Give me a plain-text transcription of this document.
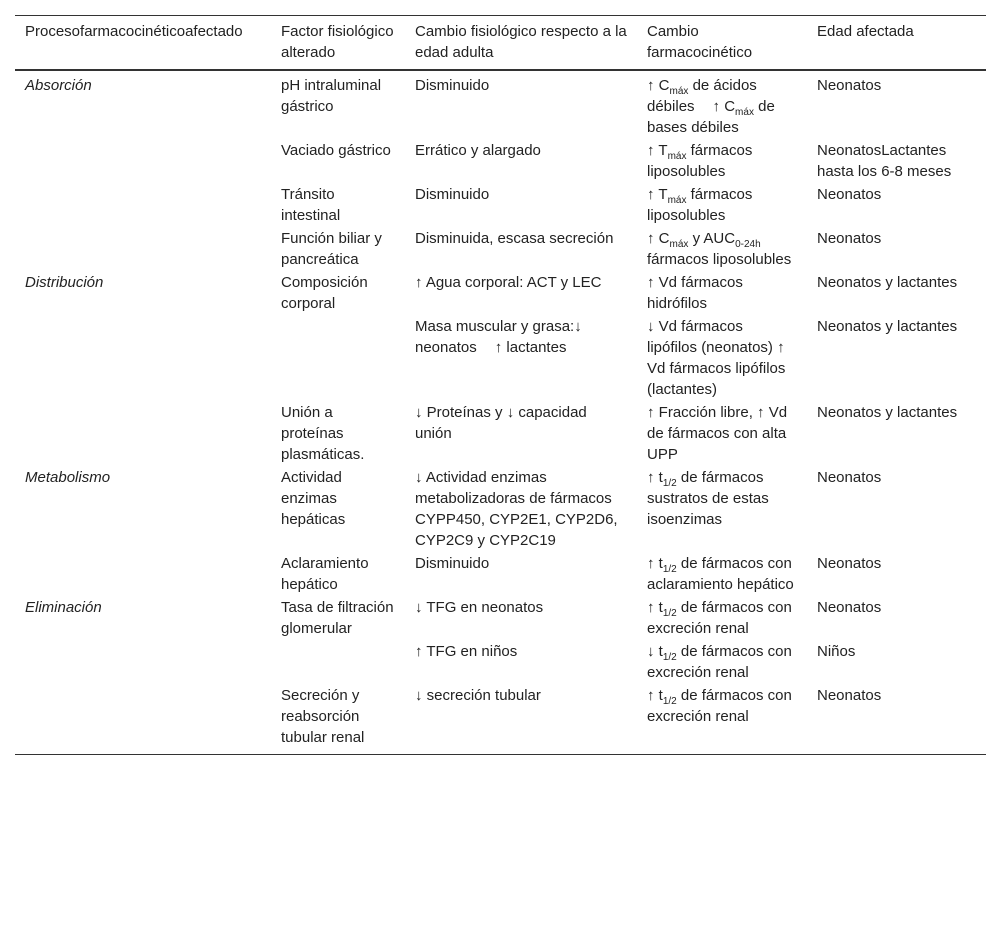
Procesofarmacocinéticoafectado	Factor fisiológico alterado	Cambio fisiológico respecto a la edad adulta	Cambio farmacocinético	Edad afectada
Absorción	pH intraluminal gástrico	Disminuido	↑ $C_{máx}$ de ácidos débiles ↑ $C_{máx}$ de bases débiles	Neonatos
	Vaciado gástrico	Errático y alargado	↑ $T_{máx}$ fármacos liposolubles	NeonatosLactantes hasta los 6-8 meses
	Tránsito intestinal	Disminuido	↑ $T_{máx}$ fármacos liposolubles	Neonatos
	Función biliar y pancreática	Disminuida, escasa secreción	↑ $C_{máx}$ y $AUC_{0-24h}$ fármacos liposolubles	Neonatos
Distribución	Composición corporal	↑ Agua corporal: ACT y LEC	↑ Vd fármacos hidrófilos	Neonatos y lactantes
		Masa muscular y grasa:↓ neonatos ↑ lactantes	↓ Vd fármacos lipófilos (neonatos) ↑ Vd fármacos lipófilos (lactantes)	Neonatos y lactantes
	Unión a proteínas plasmáticas.	↓ Proteínas y ↓ capacidad unión	↑ Fracción libre, ↑ Vd de fármacos con alta UPP	Neonatos y lactantes
Metabolismo	Actividad enzimas hepáticas	↓ Actividad enzimas metabolizadoras de fármacos CYPP450, CYP2E1, CYP2D6, CYP2C9 y CYP2C19	↑ $t_{1/2}$ de fármacos sustratos de estas isoenzimas	Neonatos
	Aclaramiento hepático	Disminuido	↑ $t_{1/2}$ de fármacos con aclaramiento hepático	Neonatos
Eliminación	Tasa de filtración glomerular	↓ TFG en neonatos	↑ $t_{1/2}$ de fármacos con excreción renal	Neonatos
		↑ TFG en niños	↓ $t_{1/2}$ de fármacos con excreción renal	Niños
	Secreción y reabsorción tubular renal	↓ secreción tubular	↑ $t_{1/2}$ de fármacos con excreción renal	Neonatos
